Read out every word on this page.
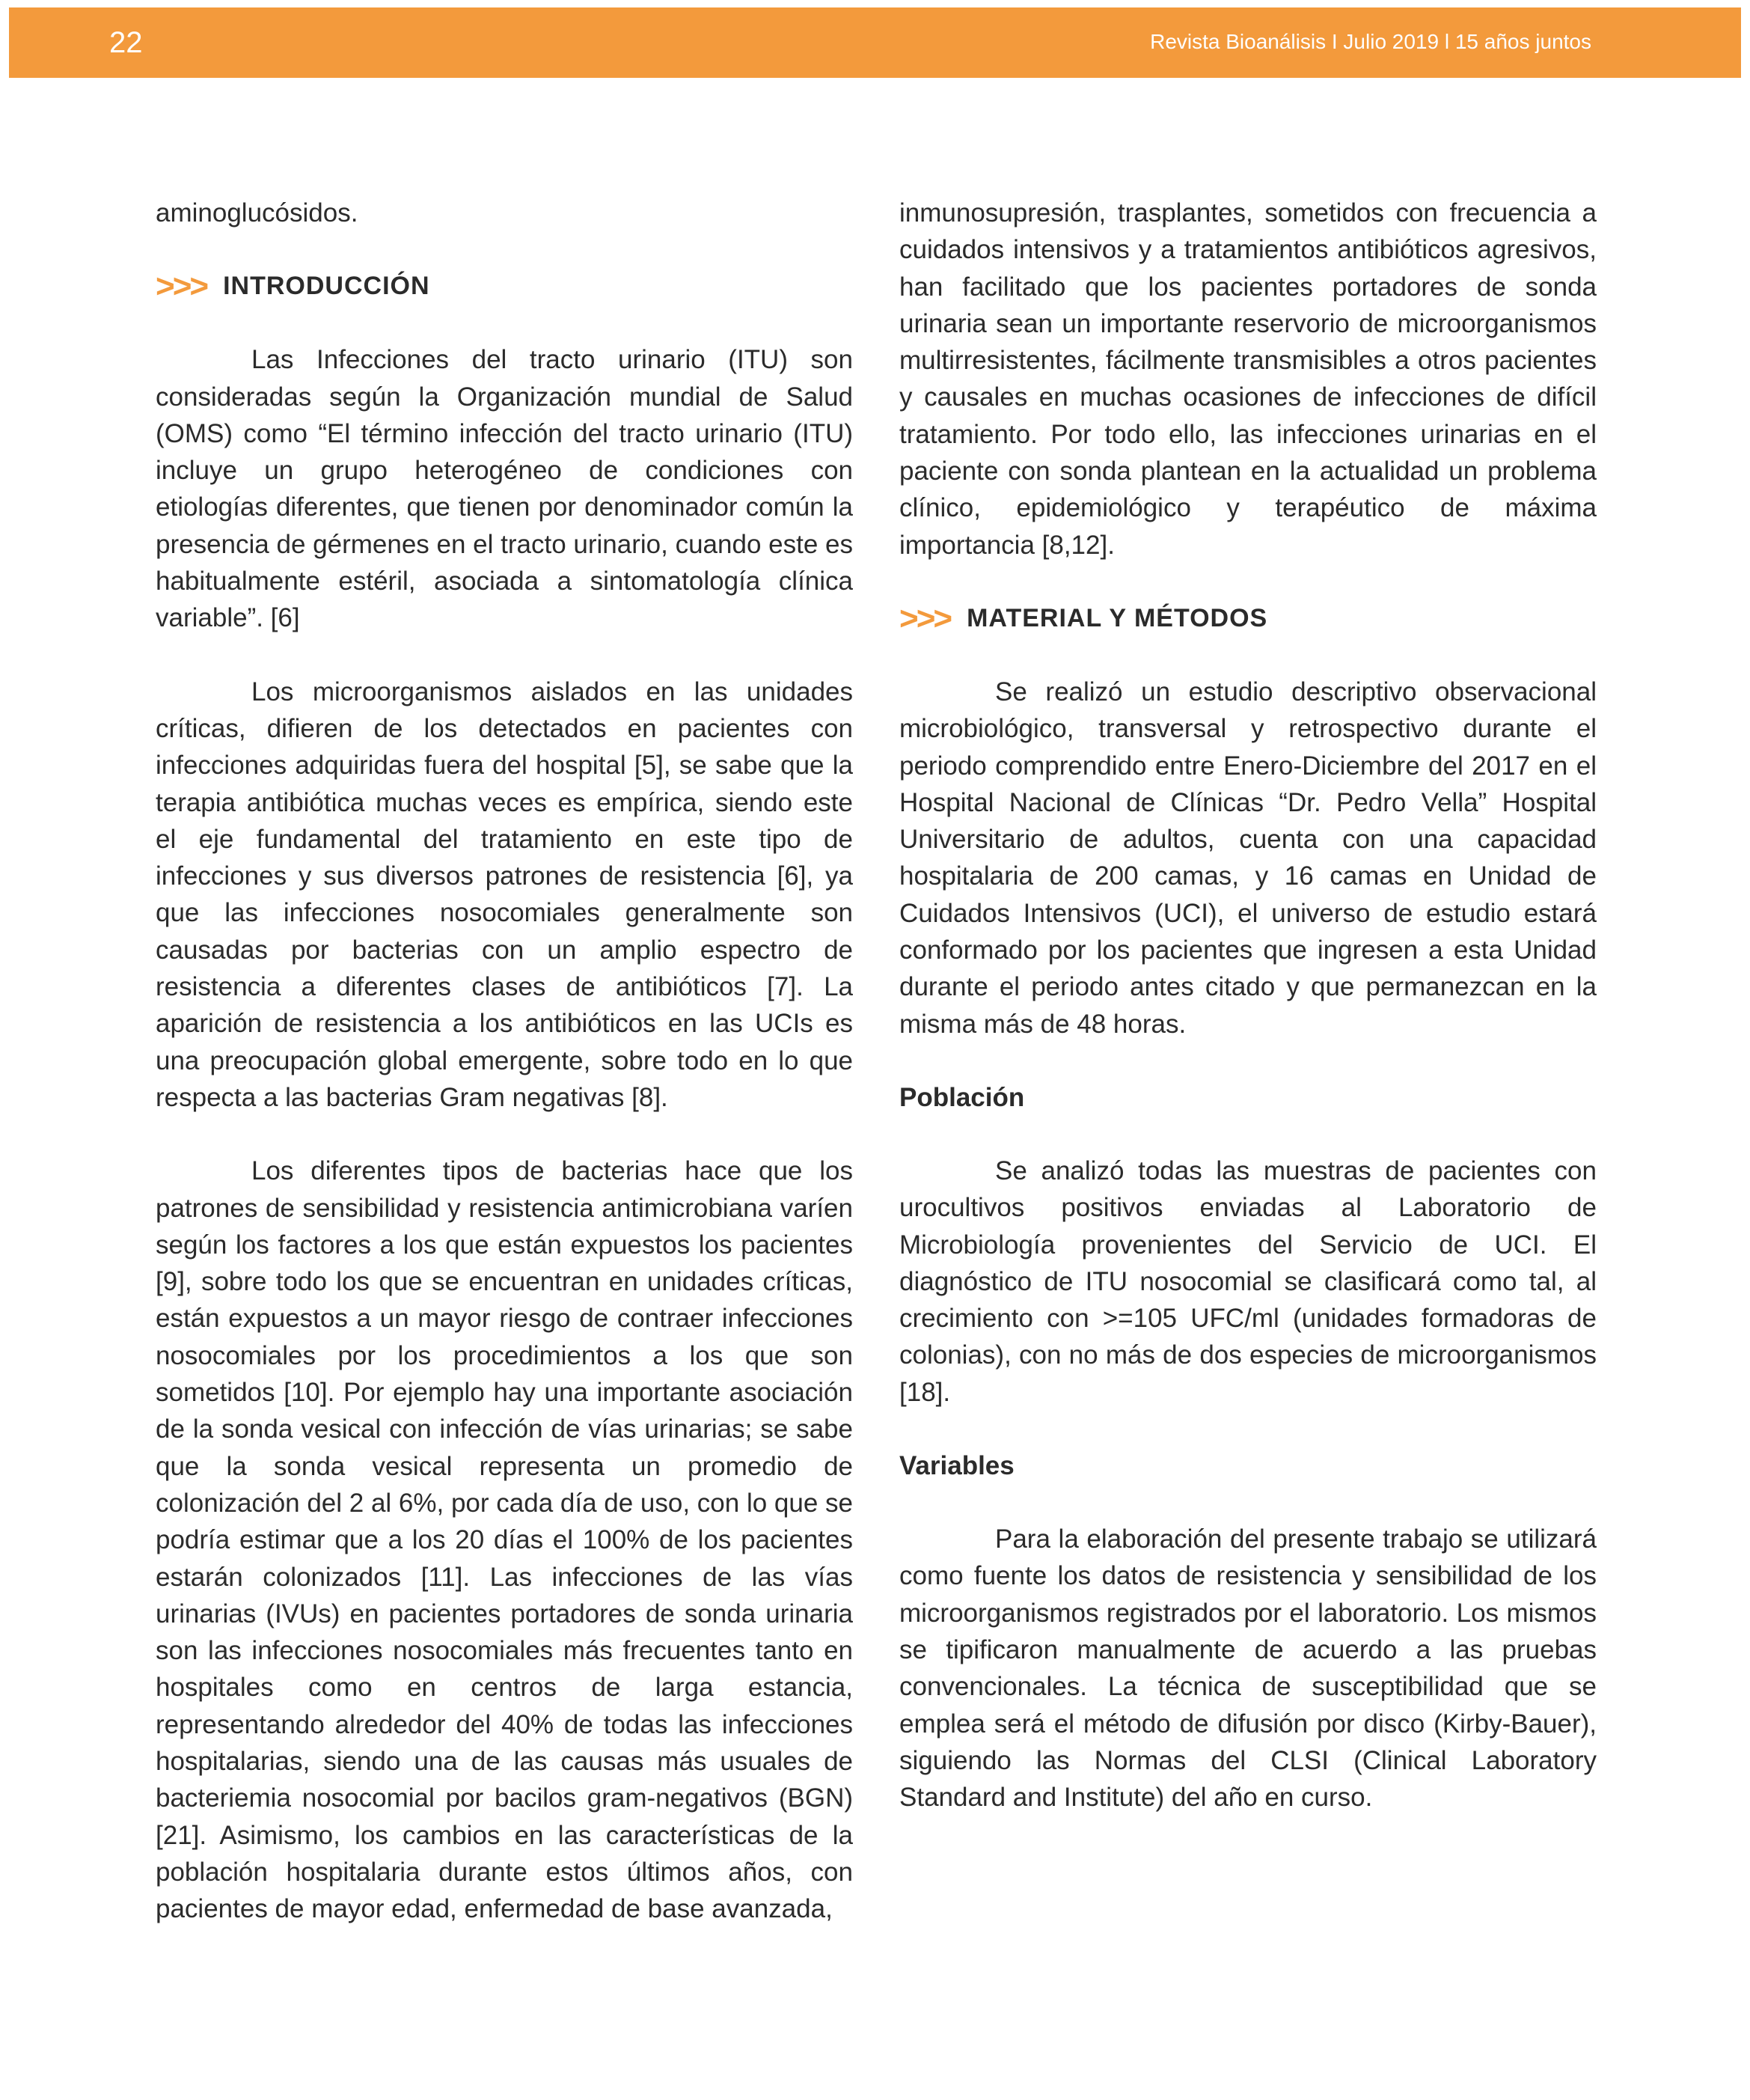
22	Revista Bioanálisis I Julio 2019 l 15 años juntos

aminoglucósidos.

>>> INTRODUCCIÓN

Las Infecciones del tracto urinario (ITU) son consideradas según la Organización mundial de Salud (OMS) como “El término infección del tracto urinario (ITU) incluye un grupo heterogéneo de condiciones con etiologías diferentes, que tienen por denominador común la presencia de gérmenes en el tracto urinario, cuando este es habitualmente estéril, asociada a sintomatología clínica variable”. [6]

Los microorganismos aislados en las unidades críticas, difieren de los detectados en pacientes con infecciones adquiridas fuera del hospital [5], se sabe que la terapia antibiótica muchas veces es empírica, siendo este el eje fundamental del tratamiento en este tipo de infecciones y sus diversos patrones de resistencia [6], ya que las infecciones nosocomiales generalmente son causadas por bacterias con un amplio espectro de resistencia a diferentes clases de antibióticos [7]. La aparición de resistencia a los antibióticos en las UCIs es una preocupación global emergente, sobre todo en lo que respecta a las bacterias Gram negativas [8].

Los diferentes tipos de bacterias hace que los patrones de sensibilidad y resistencia antimicrobiana varíen según los factores a los que están expuestos los pacientes [9], sobre todo los que se encuentran en unidades críticas, están expuestos a un mayor riesgo de contraer infecciones nosocomiales por los procedimientos a los que son sometidos [10]. Por ejemplo hay una importante asociación de la sonda vesical con infección de vías urinarias; se sabe que la sonda vesical representa un promedio de colonización del 2 al 6%, por cada día de uso, con lo que se podría estimar que a los 20 días el 100% de los pacientes estarán colonizados [11]. Las infecciones de las vías urinarias (IVUs) en pacientes portadores de sonda urinaria son las infecciones nosocomiales más frecuentes tanto en hospitales como en centros de larga estancia, representando alrededor del 40% de todas las infecciones hospitalarias, siendo una de las causas más usuales de bacteriemia nosocomial por bacilos gram-negativos (BGN) [21]. Asimismo, los cambios en las características de la población hospitalaria durante estos últimos años, con pacientes de mayor edad, enfermedad de base avanzada,

inmunosupresión, trasplantes, sometidos con frecuencia a cuidados intensivos y a tratamientos antibióticos agresivos, han facilitado que los pacientes portadores de sonda urinaria sean un importante reservorio de microorganismos multirresistentes, fácilmente transmisibles a otros pacientes y causales en muchas ocasiones de infecciones de difícil tratamiento. Por todo ello, las infecciones urinarias en el paciente con sonda plantean en la actualidad un problema clínico, epidemiológico y terapéutico de máxima importancia [8,12].

>>> MATERIAL Y MÉTODOS

Se realizó un estudio descriptivo observacional microbiológico, transversal y retrospectivo durante el periodo comprendido entre Enero-Diciembre del 2017 en el Hospital Nacional de Clínicas “Dr. Pedro Vella” Hospital Universitario de adultos, cuenta con una capacidad hospitalaria de 200 camas, y 16 camas en Unidad de Cuidados Intensivos (UCI), el universo de estudio estará conformado por los pacientes que ingresen a esta Unidad durante el periodo antes citado y que permanezcan en la misma más de 48 horas.

Población

Se analizó todas las muestras de pacientes con urocultivos positivos enviadas al Laboratorio de Microbiología provenientes del Servicio de UCI. El diagnóstico de ITU nosocomial se clasificará como tal, al crecimiento con >=105 UFC/ml (unidades formadoras de colonias), con no más de dos especies de microorganismos [18].

Variables

Para la elaboración del presente trabajo se utilizará como fuente los datos de resistencia y sensibilidad de los microorganismos registrados por el laboratorio. Los mismos se tipificaron manualmente de acuerdo a las pruebas convencionales. La técnica de susceptibilidad que se emplea será el método de difusión por disco (Kirby-Bauer), siguiendo las Normas del CLSI (Clinical Laboratory Standard and Institute) del año en curso.
